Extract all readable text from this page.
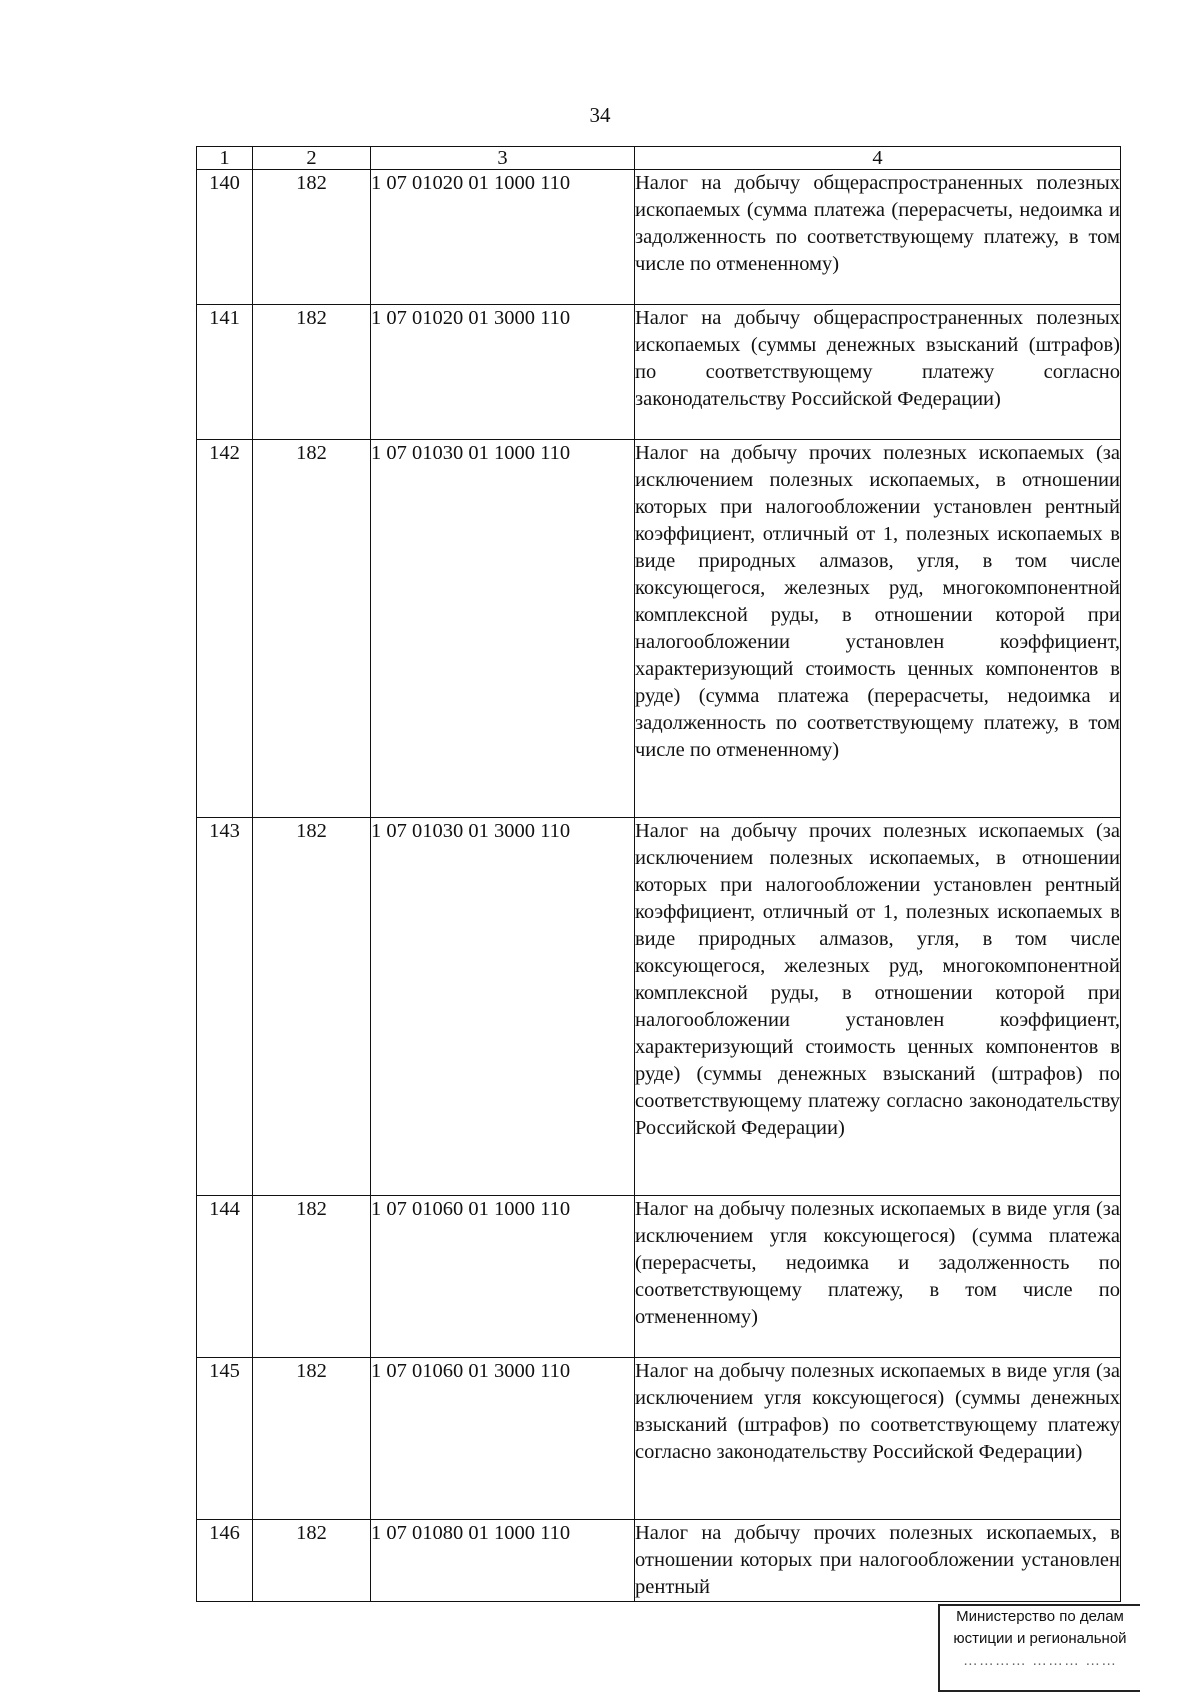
34
1	2	3	4
140	182	1 07 01020 01 1000 110	Налог на добычу общераспространенных полезных ископаемых (сумма платежа (перерасчеты, недоимка и задолженность по соответствующему платежу, в том числе по отмененному)
141	182	1 07 01020 01 3000 110	Налог на добычу общераспространенных полезных ископаемых (суммы денежных взысканий (штрафов) по соответствующему платежу согласно законодательству Российской Федерации)
142	182	1 07 01030 01 1000 110	Налог на добычу прочих полезных ископаемых (за исключением полезных ископаемых, в отношении которых при налогообложении установлен рентный коэффициент, отличный от 1, полезных ископаемых в виде природных алмазов, угля, в том числе коксующегося, железных руд, многокомпонентной комплексной руды, в отношении которой при налогообложении установлен коэффициент, характеризующий стоимость ценных компонентов в руде) (сумма платежа (перерасчеты, недоимка и задолженность по соответствующему платежу, в том числе по отмененному)
143	182	1 07 01030 01 3000 110	Налог на добычу прочих полезных ископаемых (за исключением полезных ископаемых, в отношении которых при налогообложении установлен рентный коэффициент, отличный от 1, полезных ископаемых в виде природных алмазов, угля, в том числе коксующегося, железных руд, многокомпонентной комплексной руды, в отношении которой при налогообложении установлен коэффициент, характеризующий стоимость ценных компонентов в руде) (суммы денежных взысканий (штрафов) по соответствующему платежу согласно законодательству Российской Федерации)
144	182	1 07 01060 01 1000 110	Налог на добычу полезных ископаемых в виде угля (за исключением угля коксующегося) (сумма платежа (перерасчеты, недоимка и задолженность по соответствующему платежу, в том числе по отмененному)
145	182	1 07 01060 01 3000 110	Налог на добычу полезных ископаемых в виде угля (за исключением угля коксующегося) (суммы денежных взысканий (штрафов) по соответствующему платежу согласно законодательству Российской Федерации)
146	182	1 07 01080 01 1000 110	Налог на добычу прочих полезных ископаемых, в отношении которых при налогообложении установлен рентный
Министерство по делам
юстиции и региональной
………… ……… ……
